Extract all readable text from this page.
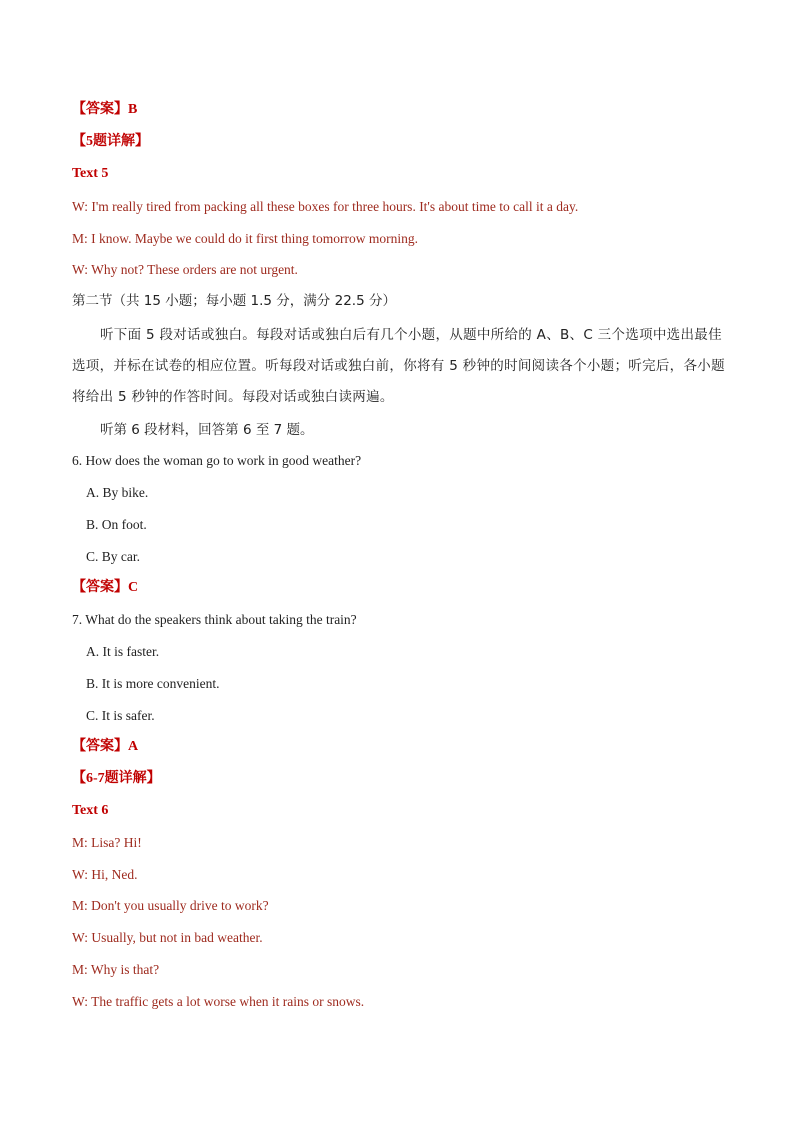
【答案】B
【5题详解】
Text 5
W: I'm really tired from packing all these boxes for three hours. It's about time to call it a day.
M: I know. Maybe we could do it first thing tomorrow morning.
W: Why not? These orders are not urgent.
第二节（共 15 小题；每小题 1.5 分，满分 22.5 分）
听下面 5 段对话或独白。每段对话或独白后有几个小题，从题中所给的 A、B、C 三个选项中选出最佳选项，并标在试卷的相应位置。听每段对话或独白前，你将有 5 秒钟的时间阅读各个小题；听完后，各小题将给出 5 秒钟的作答时间。每段对话或独白读两遍。
听第 6 段材料，回答第 6 至 7 题。
6. How does the woman go to work in good weather?
A. By bike.
B. On foot.
C. By car.
【答案】C
7. What do the speakers think about taking the train?
A. It is faster.
B. It is more convenient.
C. It is safer.
【答案】A
【6-7题详解】
Text 6
M: Lisa? Hi!
W: Hi, Ned.
M: Don't you usually drive to work?
W: Usually, but not in bad weather.
M: Why is that?
W: The traffic gets a lot worse when it rains or snows.
